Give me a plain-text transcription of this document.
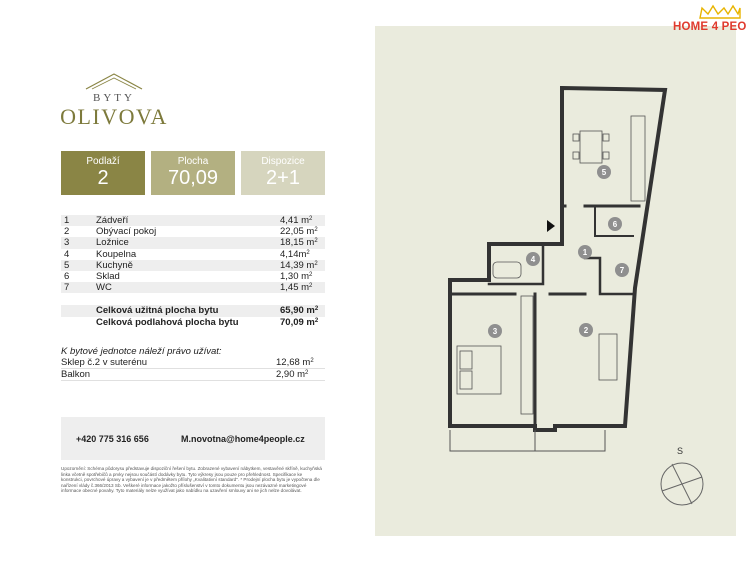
BYTY
OLIVOVA
Podlaží
2
Plocha
70,09
Dispozice
2+1
1	Zádveří	4,41 $m^2$
2	Obývací pokoj	22,05 $m^2$
3	Ložnice	18,15 $m^2$
4	Koupelna	$4,14m^2$
5	Kuchyně	14,39 $m^2$
6	Sklad	1,30 $m^2$
7	WC	1,45 $m^2$
Celková užitná plocha bytu	65,90 $m^2$
Celková podlahová plocha bytu	70,09 $m^2$
K bytové jednotce náleží právo užívat:
Sklep č.2 v suterénu	12,68 $m^2$
Balkon	2,90 $m^2$
+420 775 316 656	M.novotna@home4people.cz
Upozornění: Schéma půdorysu představuje dispoziční řešení bytu. Zobrazené vybavení nábytkem, vestavěné skříně, kuchyňská linka včetně spotřebičů a prvky nejsou součástí dodávky bytu. Tyto výkresy jsou pouze pro přehlednost. Specifikace ke konstrukci, povrchové úpravy a vybavení je v předmětem přílohy „Kvalitativní standard". * Prodejní plocha bytu je vypočtena dle nařízení vlády č.366/2013 Sb. Veškeré informace jakožto příslušenství v tomto dokumentu jsou nezávazné marketingové informace obecné povahy. Tyto materiály nelze využívat jako nabídku na uzavření smlouvy ani se jich nelze dovolávat.
1
2
3
4
5
6
7
HOME 4 PEO
S
